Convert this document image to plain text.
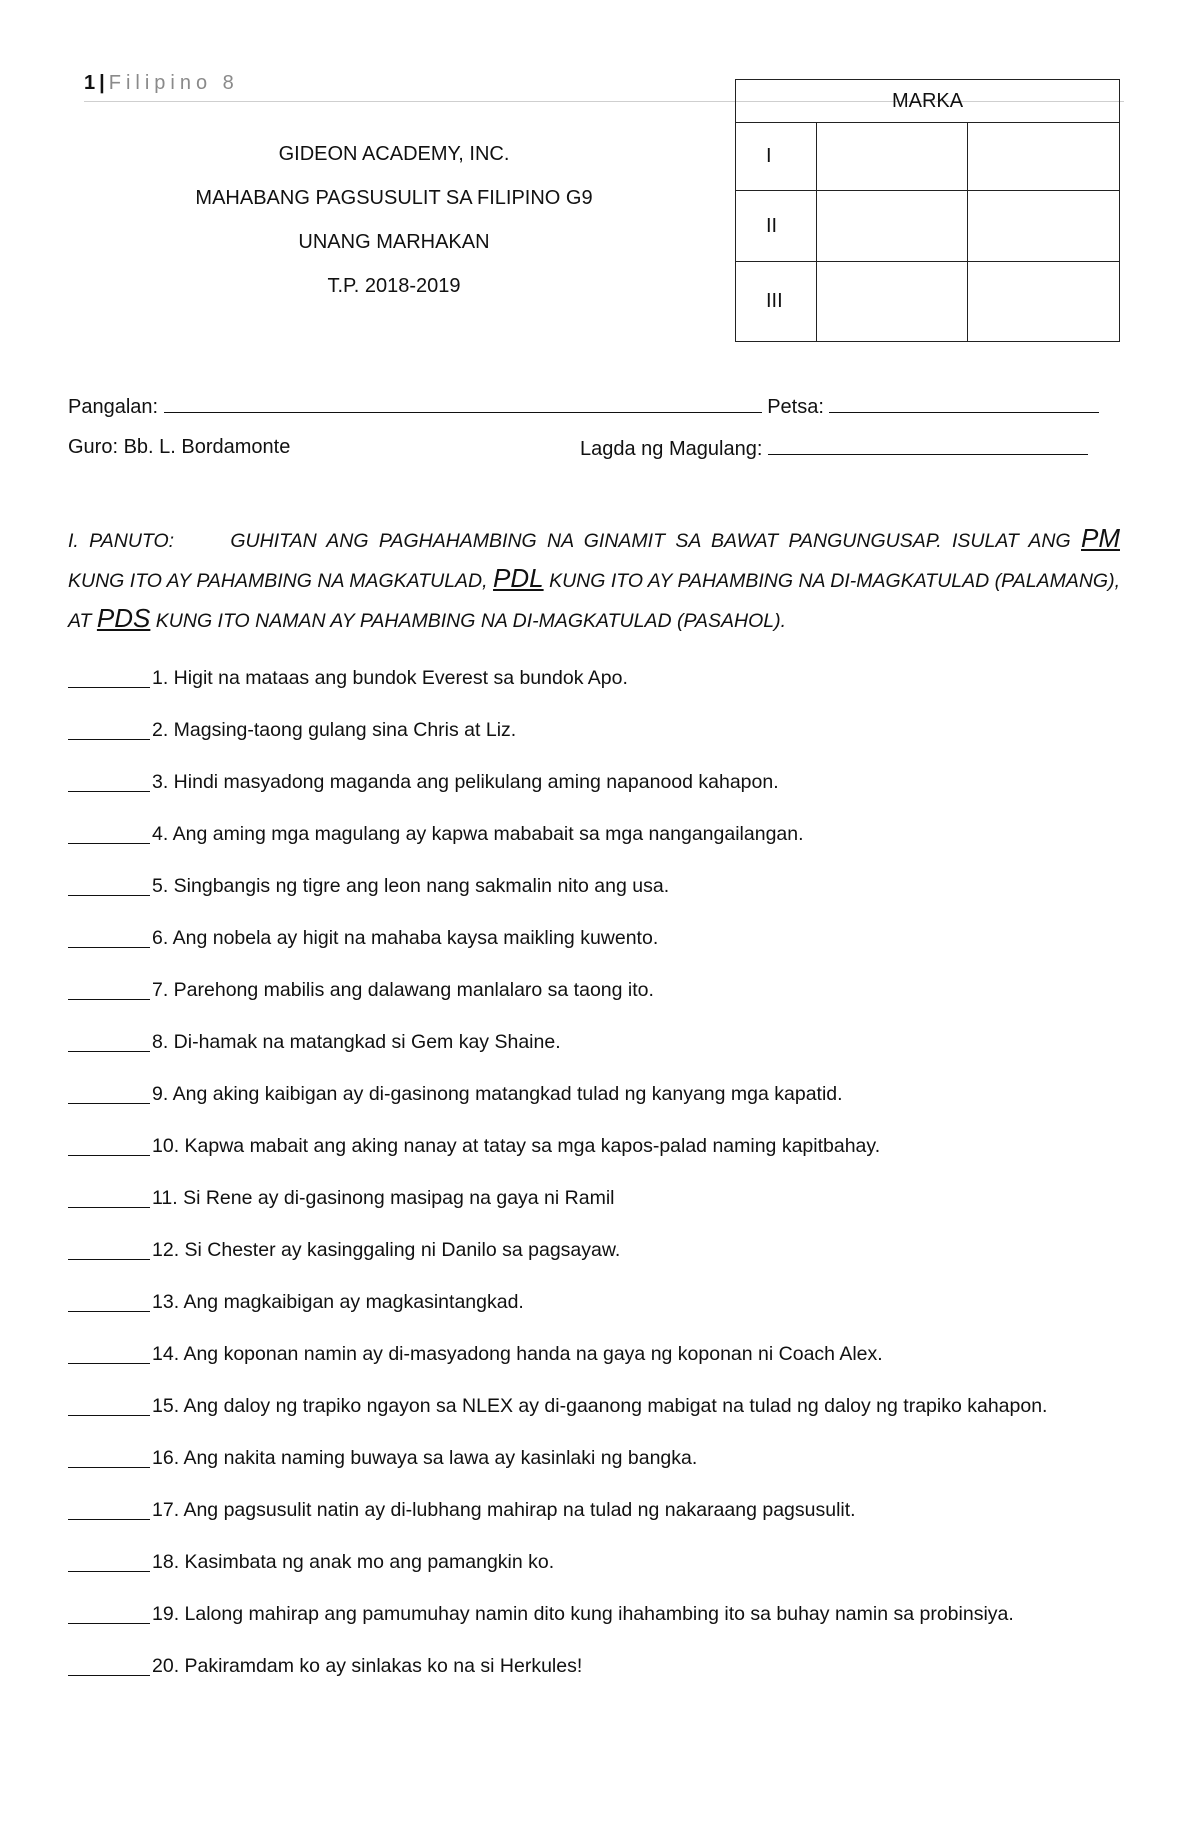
1 | Filipino 8
GIDEON ACADEMY, INC.
MAHABANG PAGSUSULIT SA FILIPINO G9
UNANG MARHAKAN
T.P. 2018-2019
MARKA		
I		
II		
III		
Pangalan:	Petsa:
Guro: Bb. L. Bordamonte	Lagda ng Magulang:
I. PANUTO:	GUHITAN ANG PAGHAHAMBING NA GINAMIT SA BAWAT PANGUNGUSAP. ISULAT ANG PM KUNG ITO AY PAHAMBING NA MAGKATULAD, PDL KUNG ITO AY PAHAMBING NA DI-MAGKATULAD (PALAMANG), AT PDS KUNG ITO NAMAN AY PAHAMBING NA DI-MAGKATULAD (PASAHOL).
1. Higit na mataas ang bundok Everest sa bundok Apo.
2. Magsing-taong gulang sina Chris at Liz.
3. Hindi masyadong maganda ang pelikulang aming napanood kahapon.
4. Ang aming mga magulang ay kapwa mababait sa mga nangangailangan.
5. Singbangis ng tigre ang leon nang sakmalin nito ang usa.
6. Ang nobela ay higit na mahaba kaysa maikling kuwento.
7. Parehong mabilis ang dalawang manlalaro sa taong ito.
8. Di-hamak na matangkad si Gem kay Shaine.
9. Ang aking kaibigan ay di-gasinong matangkad tulad ng kanyang mga kapatid.
10. Kapwa mabait ang aking nanay at tatay sa mga kapos-palad naming kapitbahay.
11. Si Rene ay di-gasinong masipag na gaya ni Ramil
12. Si Chester ay kasinggaling ni Danilo sa pagsayaw.
13. Ang magkaibigan ay magkasintangkad.
14. Ang koponan namin ay di-masyadong handa na gaya ng koponan ni Coach Alex.
15. Ang daloy ng trapiko ngayon sa NLEX ay di-gaanong mabigat na tulad ng daloy ng trapiko kahapon.
16. Ang nakita naming buwaya sa lawa ay kasinlaki ng bangka.
17. Ang pagsusulit natin ay di-lubhang mahirap na tulad ng nakaraang pagsusulit.
18. Kasimbata ng anak mo ang pamangkin ko.
19. Lalong mahirap ang pamumuhay namin dito kung ihahambing ito sa buhay namin sa probinsiya.
20. Pakiramdam ko ay sinlakas ko na si Herkules!
